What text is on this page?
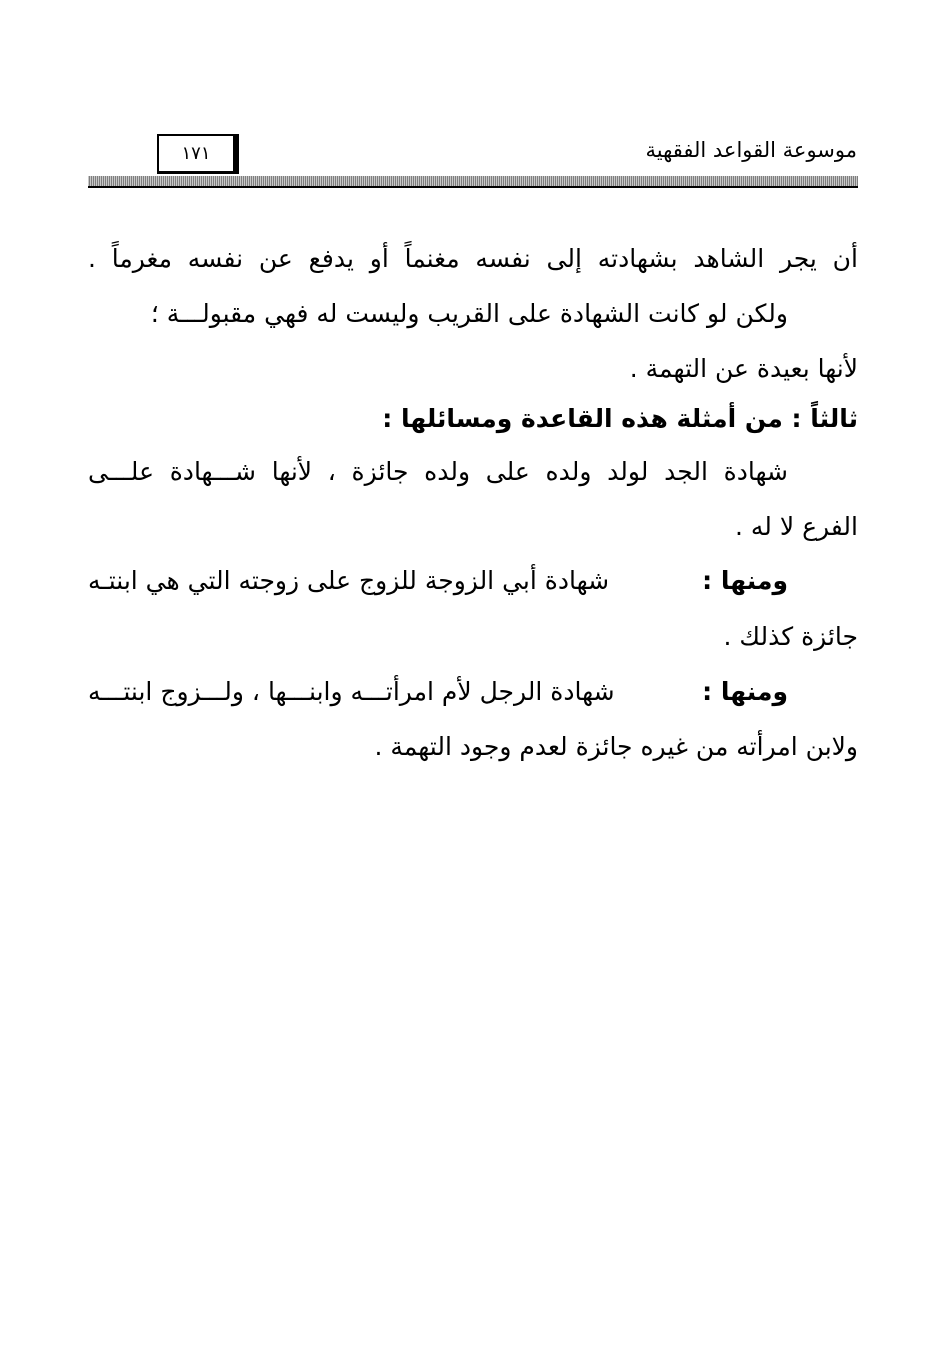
موسوعة القواعد الفقهية
١٧١
أن يجر الشاهد بشهادته إلى نفسه مغنماً أو يدفع عن نفسه مغرماً .
ولكن لو كانت الشهادة على القريب وليست له فهي مقبولـــة ؛
لأنها بعيدة عن التهمة .
ثالثاً : من أمثلة هذه القاعدة ومسائلها :
شهادة الجد لولد ولده على ولده جائزة ، لأنها شـــهادة علـــى
الفرع لا له .
ومنها :
شهادة أبي الزوجة للزوج على زوجته التي هي ابنتـه
جائزة كذلك .
ومنها :
شهادة الرجل لأم امرأتـــه وابنـــها ، ولـــزوج ابنتـــه
ولابن امرأته من غيره جائزة لعدم وجود التهمة .
